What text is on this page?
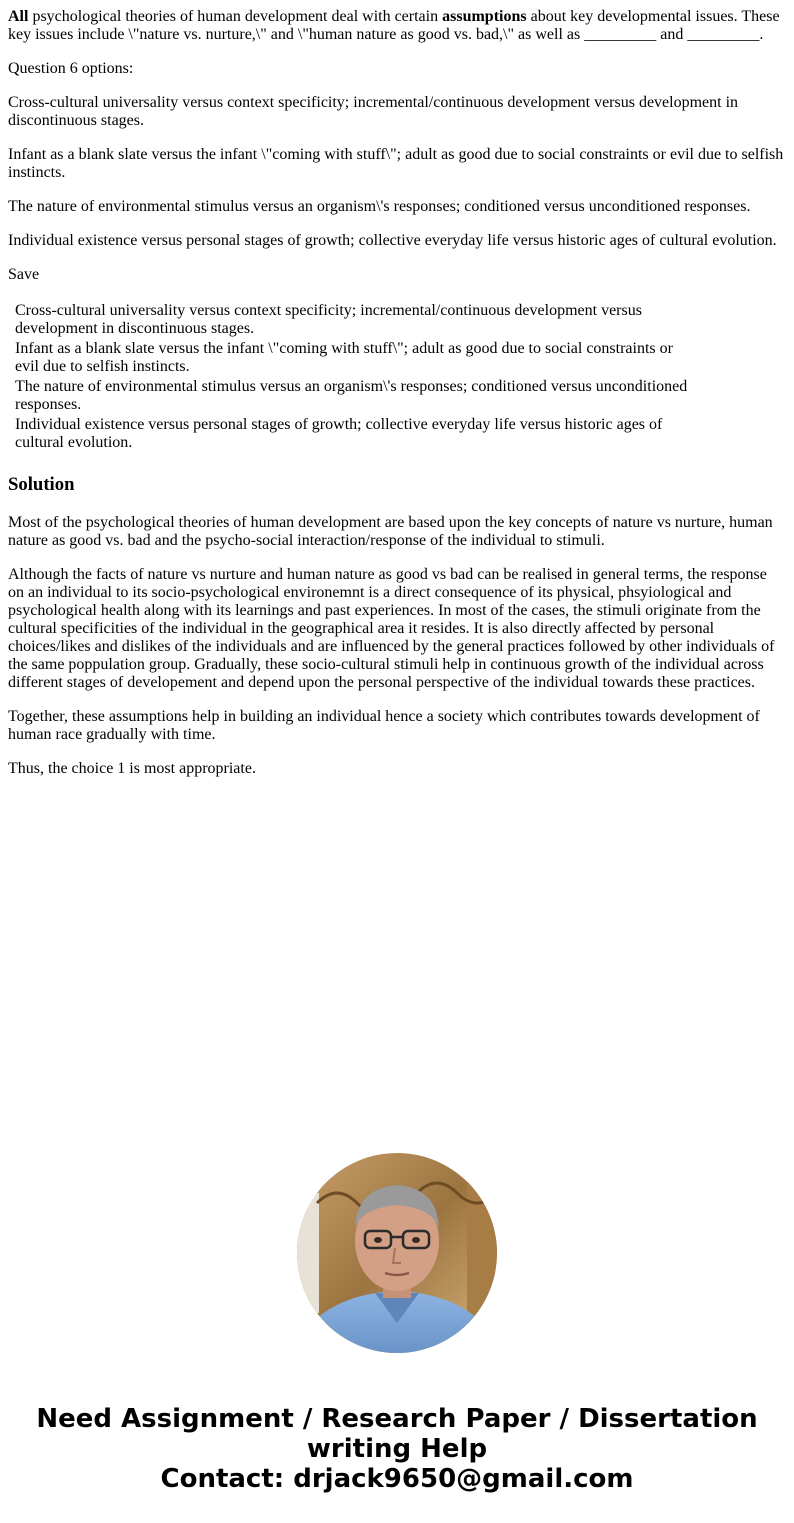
All psychological theories of human development deal with certain assumptions about key developmental issues. These key issues include \"nature vs. nurture,\" and \"human nature as good vs. bad,\" as well as _________ and _________.

Question 6 options:

Cross-cultural universality versus context specificity; incremental/continuous development versus development in discontinuous stages.

Infant as a blank slate versus the infant \"coming with stuff\"; adult as good due to social constraints or evil due to selfish instincts.

The nature of environmental stimulus versus an organism\'s responses; conditioned versus unconditioned responses.

Individual existence versus personal stages of growth; collective everyday life versus historic ages of cultural evolution.

Save

Cross-cultural universality versus context specificity; incremental/continuous development versus development in discontinuous stages.
Infant as a blank slate versus the infant \"coming with stuff\"; adult as good due to social constraints or evil due to selfish instincts.
The nature of environmental stimulus versus an organism\'s responses; conditioned versus unconditioned responses.
Individual existence versus personal stages of growth; collective everyday life versus historic ages of cultural evolution.
Solution

Most of the psychological theories of human development are based upon the key concepts of nature vs nurture, human nature as good vs. bad and the psycho-social interaction/response of the individual to stimuli.

Although the facts of nature vs nurture and human nature as good vs bad can be realised in general terms, the response on an individual to its socio-psychological environemnt is a direct consequence of its physical, phsyiological and psychological health along with its learnings and past experiences. In most of the cases, the stimuli originate from the cultural specificities of the individual in the geographical area it resides. It is also directly affected by personal choices/likes and dislikes of the individuals and are influenced by the general practices followed by other individuals of the same poppulation group. Gradually, these socio-cultural stimuli help in continuous growth of the individual across different stages of developement and depend upon the personal perspective of the individual towards these practices.

Together, these assumptions help in building an individual hence a society which contributes towards development of human race gradually with time.

Thus, the choice 1 is most appropriate.

Need Assignment / Research Paper / Dissertation writing Help
Contact: drjack9650@gmail.com
